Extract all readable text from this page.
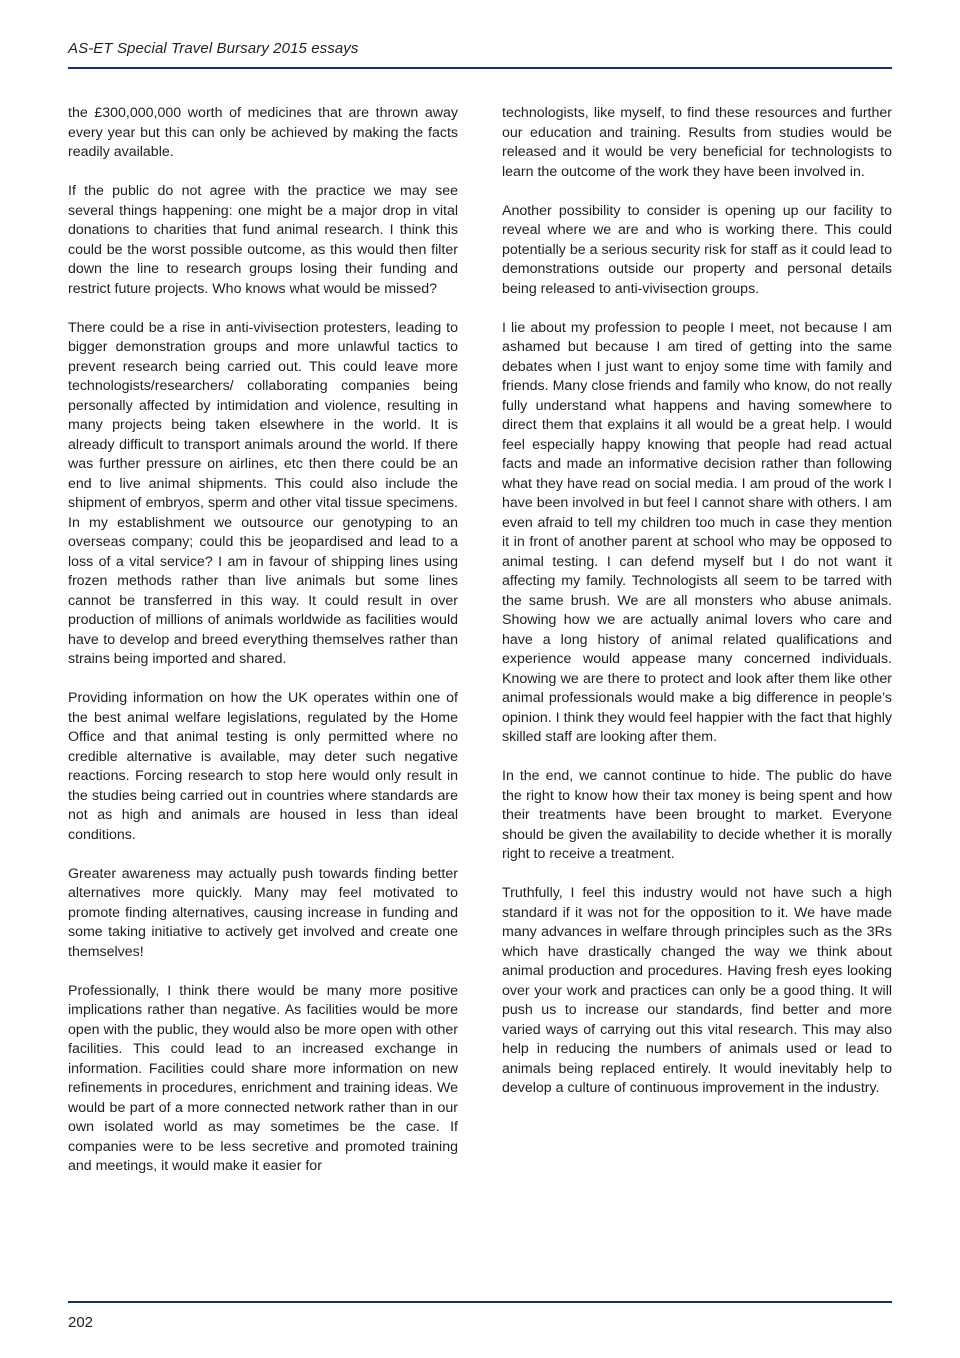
AS-ET Special Travel Bursary 2015 essays

the £300,000,000 worth of medicines that are thrown away every year but this can only be achieved by making the facts readily available.

If the public do not agree with the practice we may see several things happening: one might be a major drop in vital donations to charities that fund animal research. I think this could be the worst possible outcome, as this would then filter down the line to research groups losing their funding and restrict future projects. Who knows what would be missed?

There could be a rise in anti-vivisection protesters, leading to bigger demonstration groups and more unlawful tactics to prevent research being carried out. This could leave more technologists/researchers/ collaborating companies being personally affected by intimidation and violence, resulting in many projects being taken elsewhere in the world. It is already difficult to transport animals around the world. If there was further pressure on airlines, etc then there could be an end to live animal shipments. This could also include the shipment of embryos, sperm and other vital tissue specimens. In my establishment we outsource our genotyping to an overseas company; could this be jeopardised and lead to a loss of a vital service? I am in favour of shipping lines using frozen methods rather than live animals but some lines cannot be transferred in this way. It could result in over production of millions of animals worldwide as facilities would have to develop and breed everything themselves rather than strains being imported and shared.

Providing information on how the UK operates within one of the best animal welfare legislations, regulated by the Home Office and that animal testing is only permitted where no credible alternative is available, may deter such negative reactions. Forcing research to stop here would only result in the studies being carried out in countries where standards are not as high and animals are housed in less than ideal conditions.

Greater awareness may actually push towards finding better alternatives more quickly. Many may feel motivated to promote finding alternatives, causing increase in funding and some taking initiative to actively get involved and create one themselves!

Professionally, I think there would be many more positive implications rather than negative. As facilities would be more open with the public, they would also be more open with other facilities. This could lead to an increased exchange in information. Facilities could share more information on new refinements in procedures, enrichment and training ideas. We would be part of a more connected network rather than in our own isolated world as may sometimes be the case. If companies were to be less secretive and promoted training and meetings, it would make it easier for

technologists, like myself, to find these resources and further our education and training. Results from studies would be released and it would be very beneficial for technologists to learn the outcome of the work they have been involved in.

Another possibility to consider is opening up our facility to reveal where we are and who is working there. This could potentially be a serious security risk for staff as it could lead to demonstrations outside our property and personal details being released to anti-vivisection groups.

I lie about my profession to people I meet, not because I am ashamed but because I am tired of getting into the same debates when I just want to enjoy some time with family and friends. Many close friends and family who know, do not really fully understand what happens and having somewhere to direct them that explains it all would be a great help. I would feel especially happy knowing that people had read actual facts and made an informative decision rather than following what they have read on social media. I am proud of the work I have been involved in but feel I cannot share with others. I am even afraid to tell my children too much in case they mention it in front of another parent at school who may be opposed to animal testing. I can defend myself but I do not want it affecting my family. Technologists all seem to be tarred with the same brush. We are all monsters who abuse animals. Showing how we are actually animal lovers who care and have a long history of animal related qualifications and experience would appease many concerned individuals. Knowing we are there to protect and look after them like other animal professionals would make a big difference in people’s opinion. I think they would feel happier with the fact that highly skilled staff are looking after them.

In the end, we cannot continue to hide. The public do have the right to know how their tax money is being spent and how their treatments have been brought to market. Everyone should be given the availability to decide whether it is morally right to receive a treatment.

Truthfully, I feel this industry would not have such a high standard if it was not for the opposition to it. We have made many advances in welfare through principles such as the 3Rs which have drastically changed the way we think about animal production and procedures. Having fresh eyes looking over your work and practices can only be a good thing. It will push us to increase our standards, find better and more varied ways of carrying out this vital research. This may also help in reducing the numbers of animals used or lead to animals being replaced entirely. It would inevitably help to develop a culture of continuous improvement in the industry.

202
